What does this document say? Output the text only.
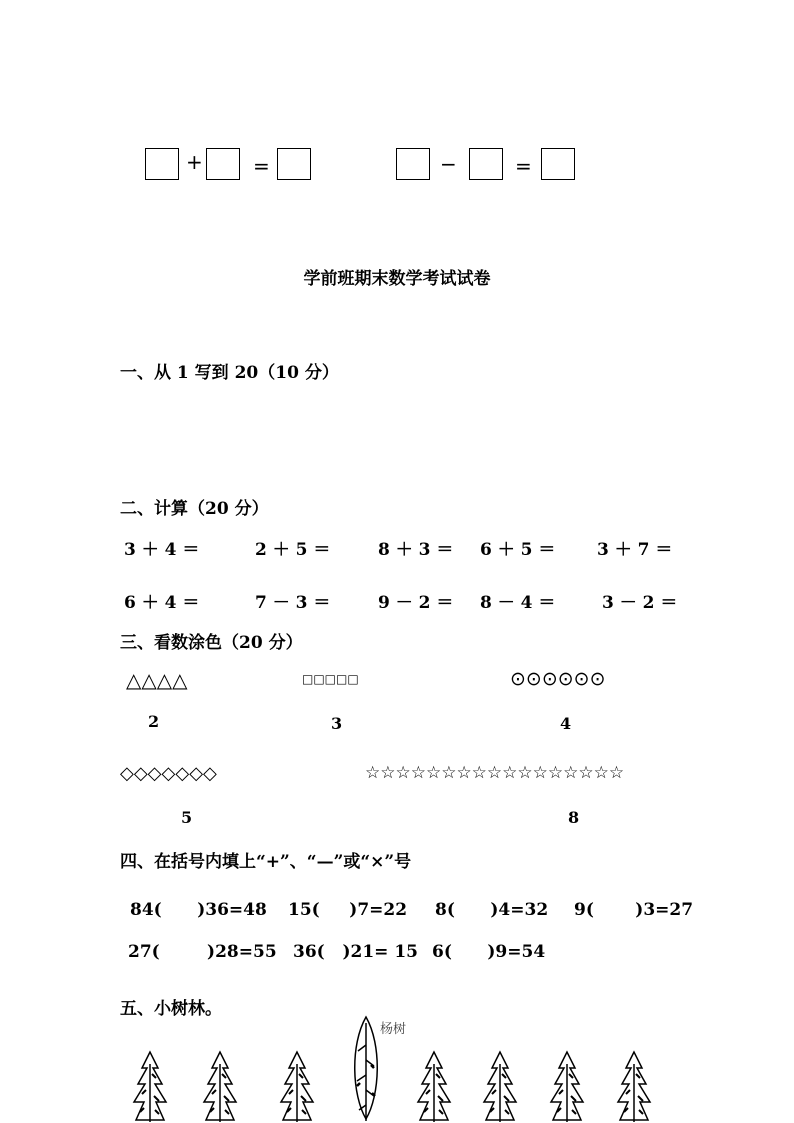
+	=	−	=
学前班期末数学考试试卷
一、从 1 写到 20（10 分）
二、计算（20 分）
3 ＋ 4 ＝	2 ＋ 5 ＝	8 ＋ 3 ＝ 6 ＋ 5 ＝ 3 ＋ 7 ＝
6 ＋ 4 ＝	7 － 3 ＝	9 － 2 ＝ 8 － 4 ＝	3 － 2 ＝
三、看数涂色（20 分）
△△△△	□□□□□	⊙⊙⊙⊙⊙⊙
2	3	4
◇◇◇◇◇◇◇	☆☆☆☆☆☆☆☆☆☆☆☆☆☆☆☆☆
5	8
四、在括号内填上“+”、“—”或“×”号
84(      )36=48 15(     )7=22 8(      )4=32 9(       )3=27
27(        )28=55 36(   )21= 15 6(      )9=54
五、小树林。
杨树
